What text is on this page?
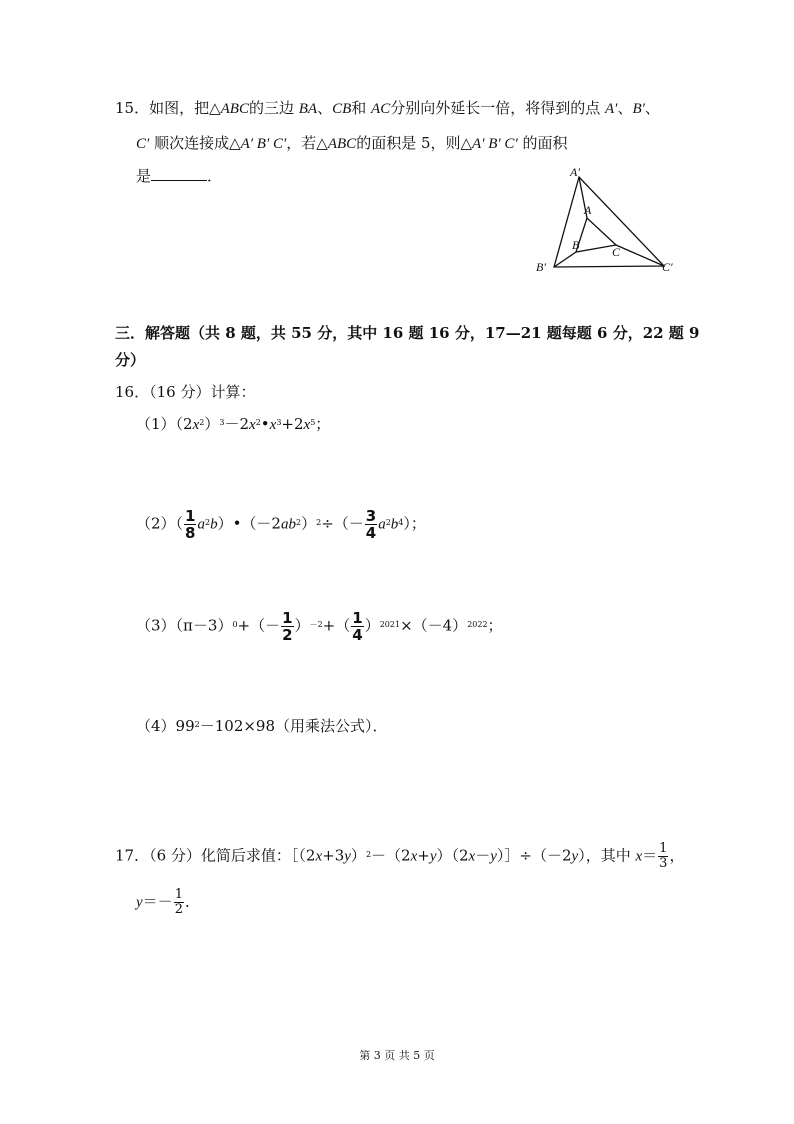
15．如图，把△ABC的三边 BA、CB和 AC分别向外延长一倍，将得到的点 A′、B′、
C′ 顺次连接成△A′ B′ C′，若△ABC的面积是 5，则△A′ B′ C′ 的面积
是	．	A′
A
B	C
B′	C′
三．解答题（共 8 题，共 55 分，其中 16 题 16 分，17—21 题每题 6 分，22 题 9
分）
16．（16 分）计算：
$(1)(2x^2)^3-2x^2•x^3+2x^5$；
$(2)( \frac{1}{8}$ $a^2b)•(-2ab^2)^2\div(- \frac{3}{4} a^2b^4)$；
$(3)(\pi-3)^0+(- \frac{1}{2} )^{-2}+( \frac{1}{4} )^{2021}\times(-4)^{2022}$；
$(4)99^2-102\times 98$（用乘法公式）．
17．（6 分）化简后求值：$[(2x+3y)^2-(2x+y)(2x-y)]\div(-2y)$，其中 $x= \frac{1}{3}$ ，
$y=- \frac{1}{2}$ ．
第 3 页 共 5 页
